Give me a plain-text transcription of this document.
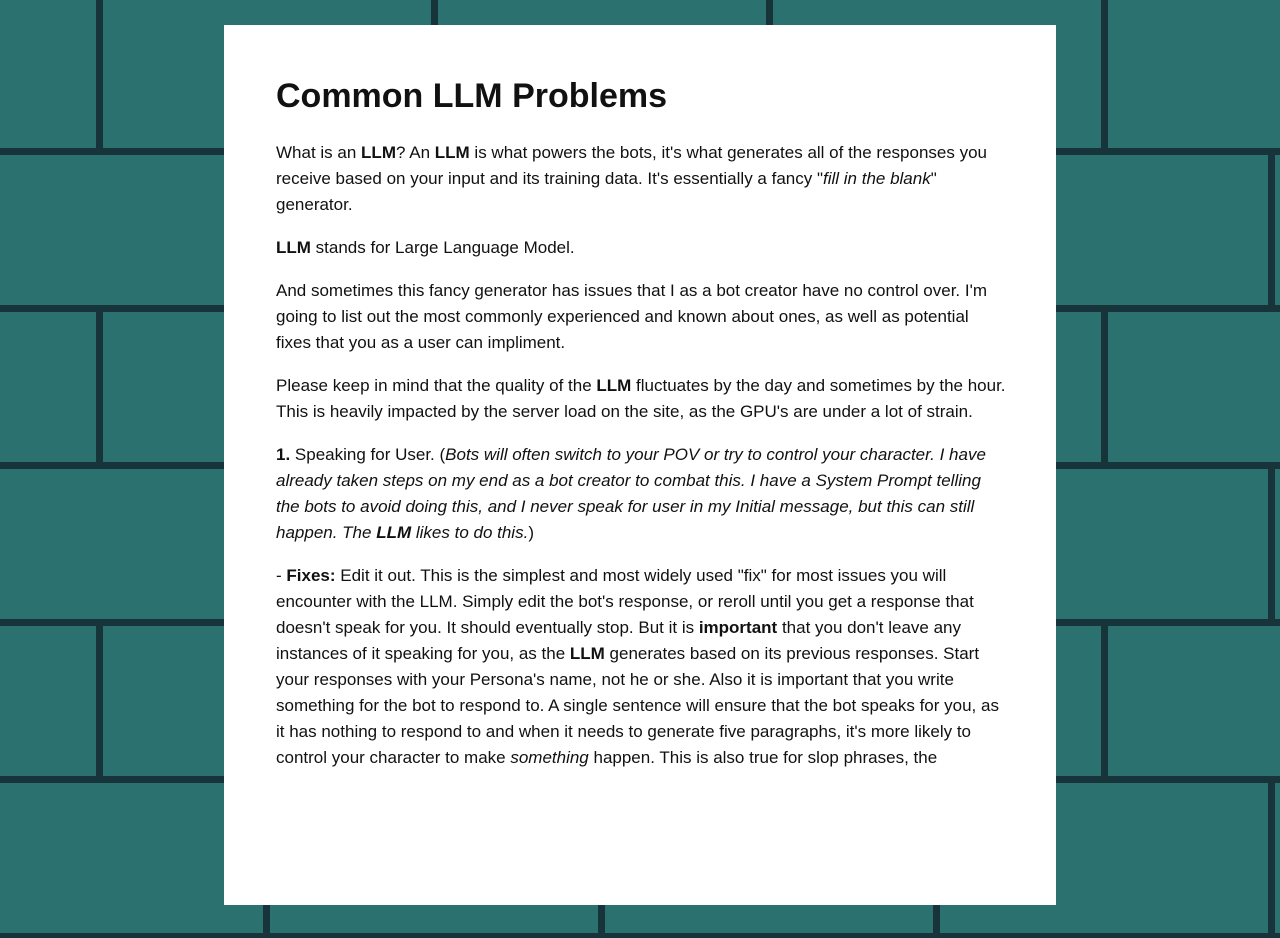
Common LLM Problems

What is an LLM? An LLM is what powers the bots, it's what generates all of the responses you receive based on your input and its training data. It's essentially a fancy "fill in the blank" generator.

LLM stands for Large Language Model.

And sometimes this fancy generator has issues that I as a bot creator have no control over. I'm going to list out the most commonly experienced and known about ones, as well as potential fixes that you as a user can impliment.

Please keep in mind that the quality of the LLM fluctuates by the day and sometimes by the hour. This is heavily impacted by the server load on the site, as the GPU's are under a lot of strain.

1. Speaking for User. (Bots will often switch to your POV or try to control your character. I have already taken steps on my end as a bot creator to combat this. I have a System Prompt telling the bots to avoid doing this, and I never speak for user in my Initial message, but this can still happen. The LLM likes to do this.)

- Fixes: Edit it out. This is the simplest and most widely used "fix" for most issues you will encounter with the LLM. Simply edit the bot's response, or reroll until you get a response that doesn't speak for you. It should eventually stop. But it is important that you don't leave any instances of it speaking for you, as the LLM generates based on its previous responses. Start your responses with your Persona's name, not he or she. Also it is important that you write something for the bot to respond to. A single sentence will ensure that the bot speaks for you, as it has nothing to respond to and when it needs to generate five paragraphs, it's more likely to control your character to make something happen. This is also true for slop phrases, the
